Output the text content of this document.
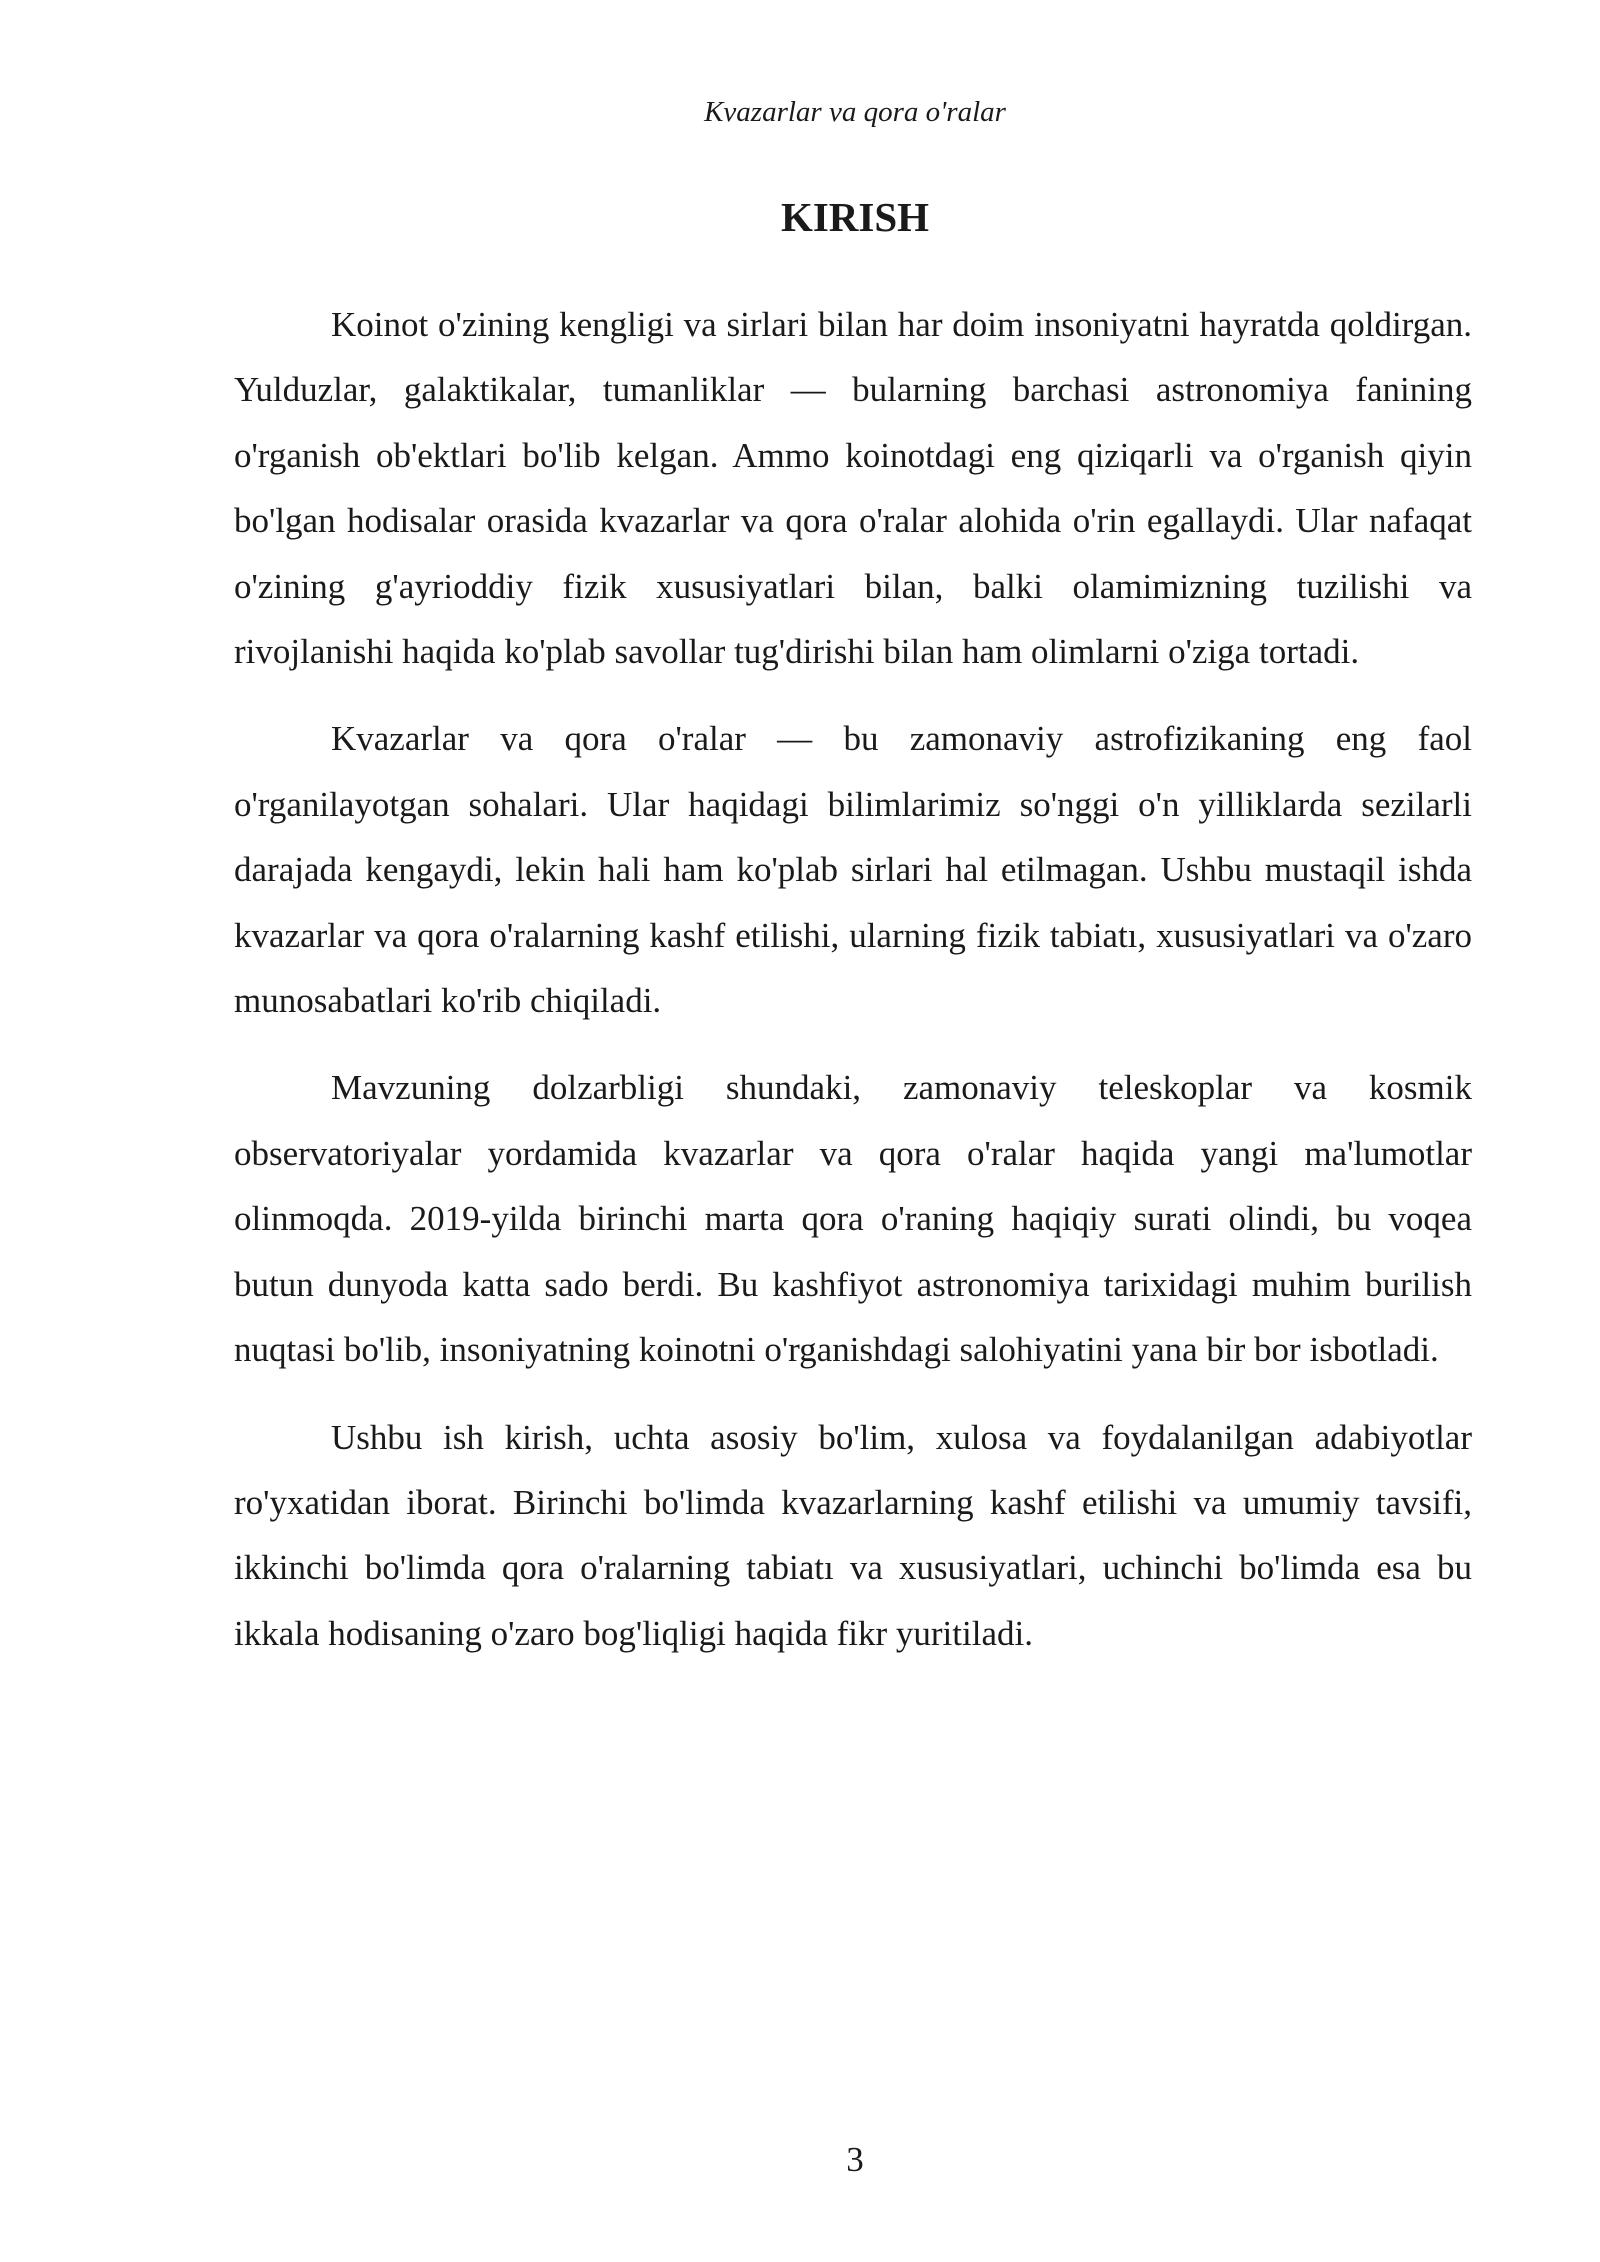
Kvazarlar va qora o'ralar
KIRISH

Koinot o'zining kengligi va sirlari bilan har doim insoniyatni hayratda qoldirgan. Yulduzlar, galaktikalar, tumanliklar — bularning barchasi astronomiya fanining o'rganish ob'ektlari bo'lib kelgan. Ammo koinotdagi eng qiziqarli va o'rganish qiyin bo'lgan hodisalar orasida kvazarlar va qora o'ralar alohida o'rin egallaydi. Ular nafaqat o'zining g'ayrioddiy fizik xususiyatlari bilan, balki olamimizning tuzilishi va rivojlanishi haqida ko'plab savollar tug'dirishi bilan ham olimlarni o'ziga tortadi.

Kvazarlar va qora o'ralar — bu zamonaviy astrofizikaning eng faol o'rganilayotgan sohalari. Ular haqidagi bilimlarimiz so'nggi o'n yilliklarda sezilarli darajada kengaydi, lekin hali ham ko'plab sirlari hal etilmagan. Ushbu mustaqil ishda kvazarlar va qora o'ralarning kashf etilishi, ularning fizik tabiatı, xususiyatlari va o'zaro munosabatlari ko'rib chiqiladi.

Mavzuning dolzarbligi shundaki, zamonaviy teleskoplar va kosmik observatoriyalar yordamida kvazarlar va qora o'ralar haqida yangi ma'lumotlar olinmoqda. 2019-yilda birinchi marta qora o'raning haqiqiy surati olindi, bu voqea butun dunyoda katta sado berdi. Bu kashfiyot astronomiya tarixidagi muhim burilish nuqtasi bo'lib, insoniyatning koinotni o'rganishdagi salohiyatini yana bir bor isbotladi.

Ushbu ish kirish, uchta asosiy bo'lim, xulosa va foydalanilgan adabiyotlar ro'yxatidan iborat. Birinchi bo'limda kvazarlarning kashf etilishi va umumiy tavsifi, ikkinchi bo'limda qora o'ralarning tabiatı va xususiyatlari, uchinchi bo'limda esa bu ikkala hodisaning o'zaro bog'liqligi haqida fikr yuritiladi.

3
